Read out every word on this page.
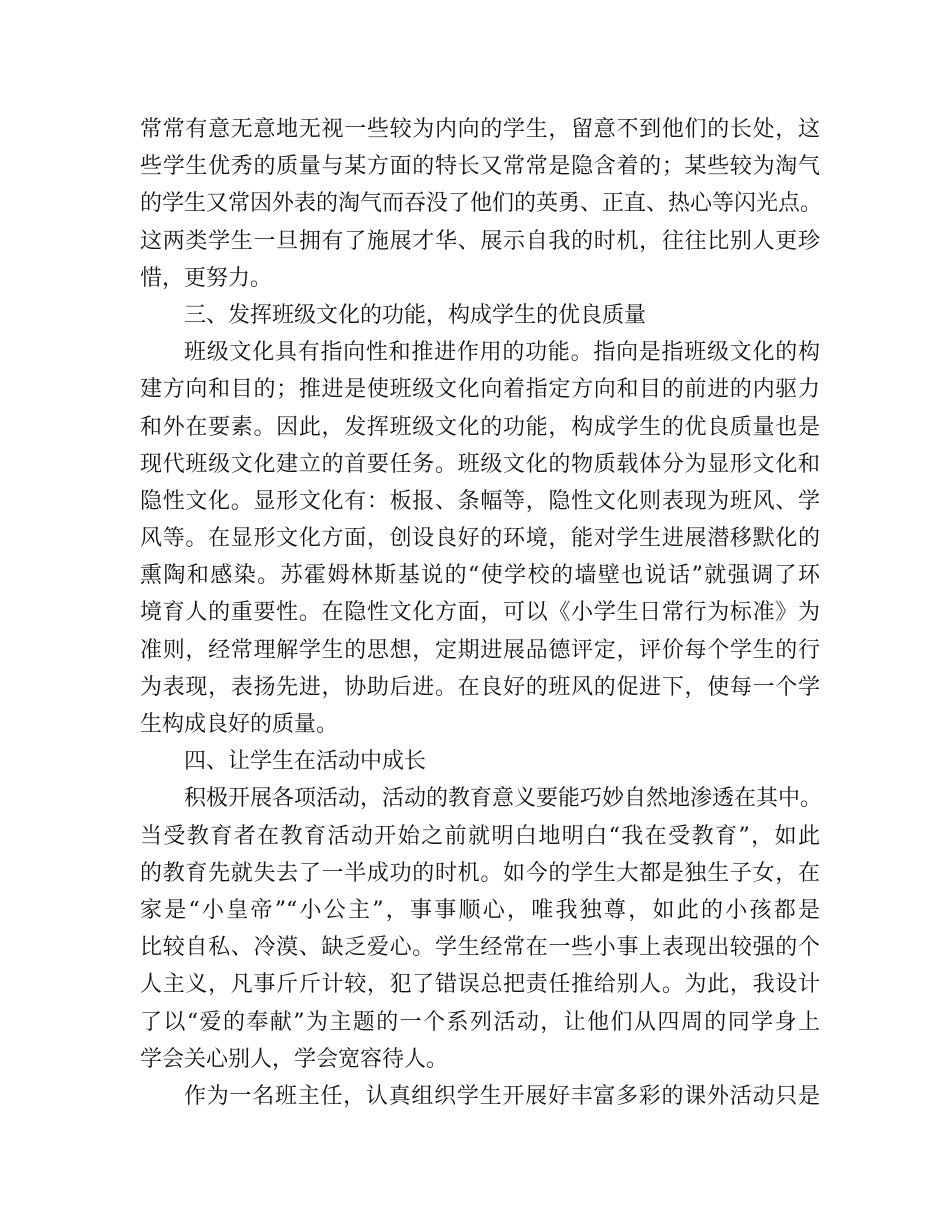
常常有意无意地无视一些较为内向的学生，留意不到他们的长处，这
些学生优秀的质量与某方面的特长又常常是隐含着的；某些较为淘气
的学生又常因外表的淘气而吞没了他们的英勇、正直、热心等闪光点。
这两类学生一旦拥有了施展才华、展示自我的时机，往往比别人更珍
惜，更努力。
三、发挥班级文化的功能，构成学生的优良质量
班级文化具有指向性和推进作用的功能。指向是指班级文化的构
建方向和目的；推进是使班级文化向着指定方向和目的前进的内驱力
和外在要素。因此，发挥班级文化的功能，构成学生的优良质量也是
现代班级文化建立的首要任务。班级文化的物质载体分为显形文化和
隐性文化。显形文化有：板报、条幅等，隐性文化则表现为班风、学
风等。在显形文化方面，创设良好的环境，能对学生进展潜移默化的
熏陶和感染。苏霍姆林斯基说的“使学校的墙壁也说话”就强调了环
境育人的重要性。在隐性文化方面，可以《小学生日常行为标准》为
准则，经常理解学生的思想，定期进展品德评定，评价每个学生的行
为表现，表扬先进，协助后进。在良好的班风的促进下，使每一个学
生构成良好的质量。
四、让学生在活动中成长
积极开展各项活动，活动的教育意义要能巧妙自然地渗透在其中。
当受教育者在教育活动开始之前就明白地明白“我在受教育”，如此
的教育先就失去了一半成功的时机。如今的学生大都是独生子女，在
家是“小皇帝”“小公主”，事事顺心，唯我独尊，如此的小孩都是
比较自私、冷漠、缺乏爱心。学生经常在一些小事上表现出较强的个
人主义，凡事斤斤计较，犯了错误总把责任推给别人。为此，我设计
了以“爱的奉献”为主题的一个系列活动，让他们从四周的同学身上
学会关心别人，学会宽容待人。
作为一名班主任，认真组织学生开展好丰富多彩的课外活动只是
